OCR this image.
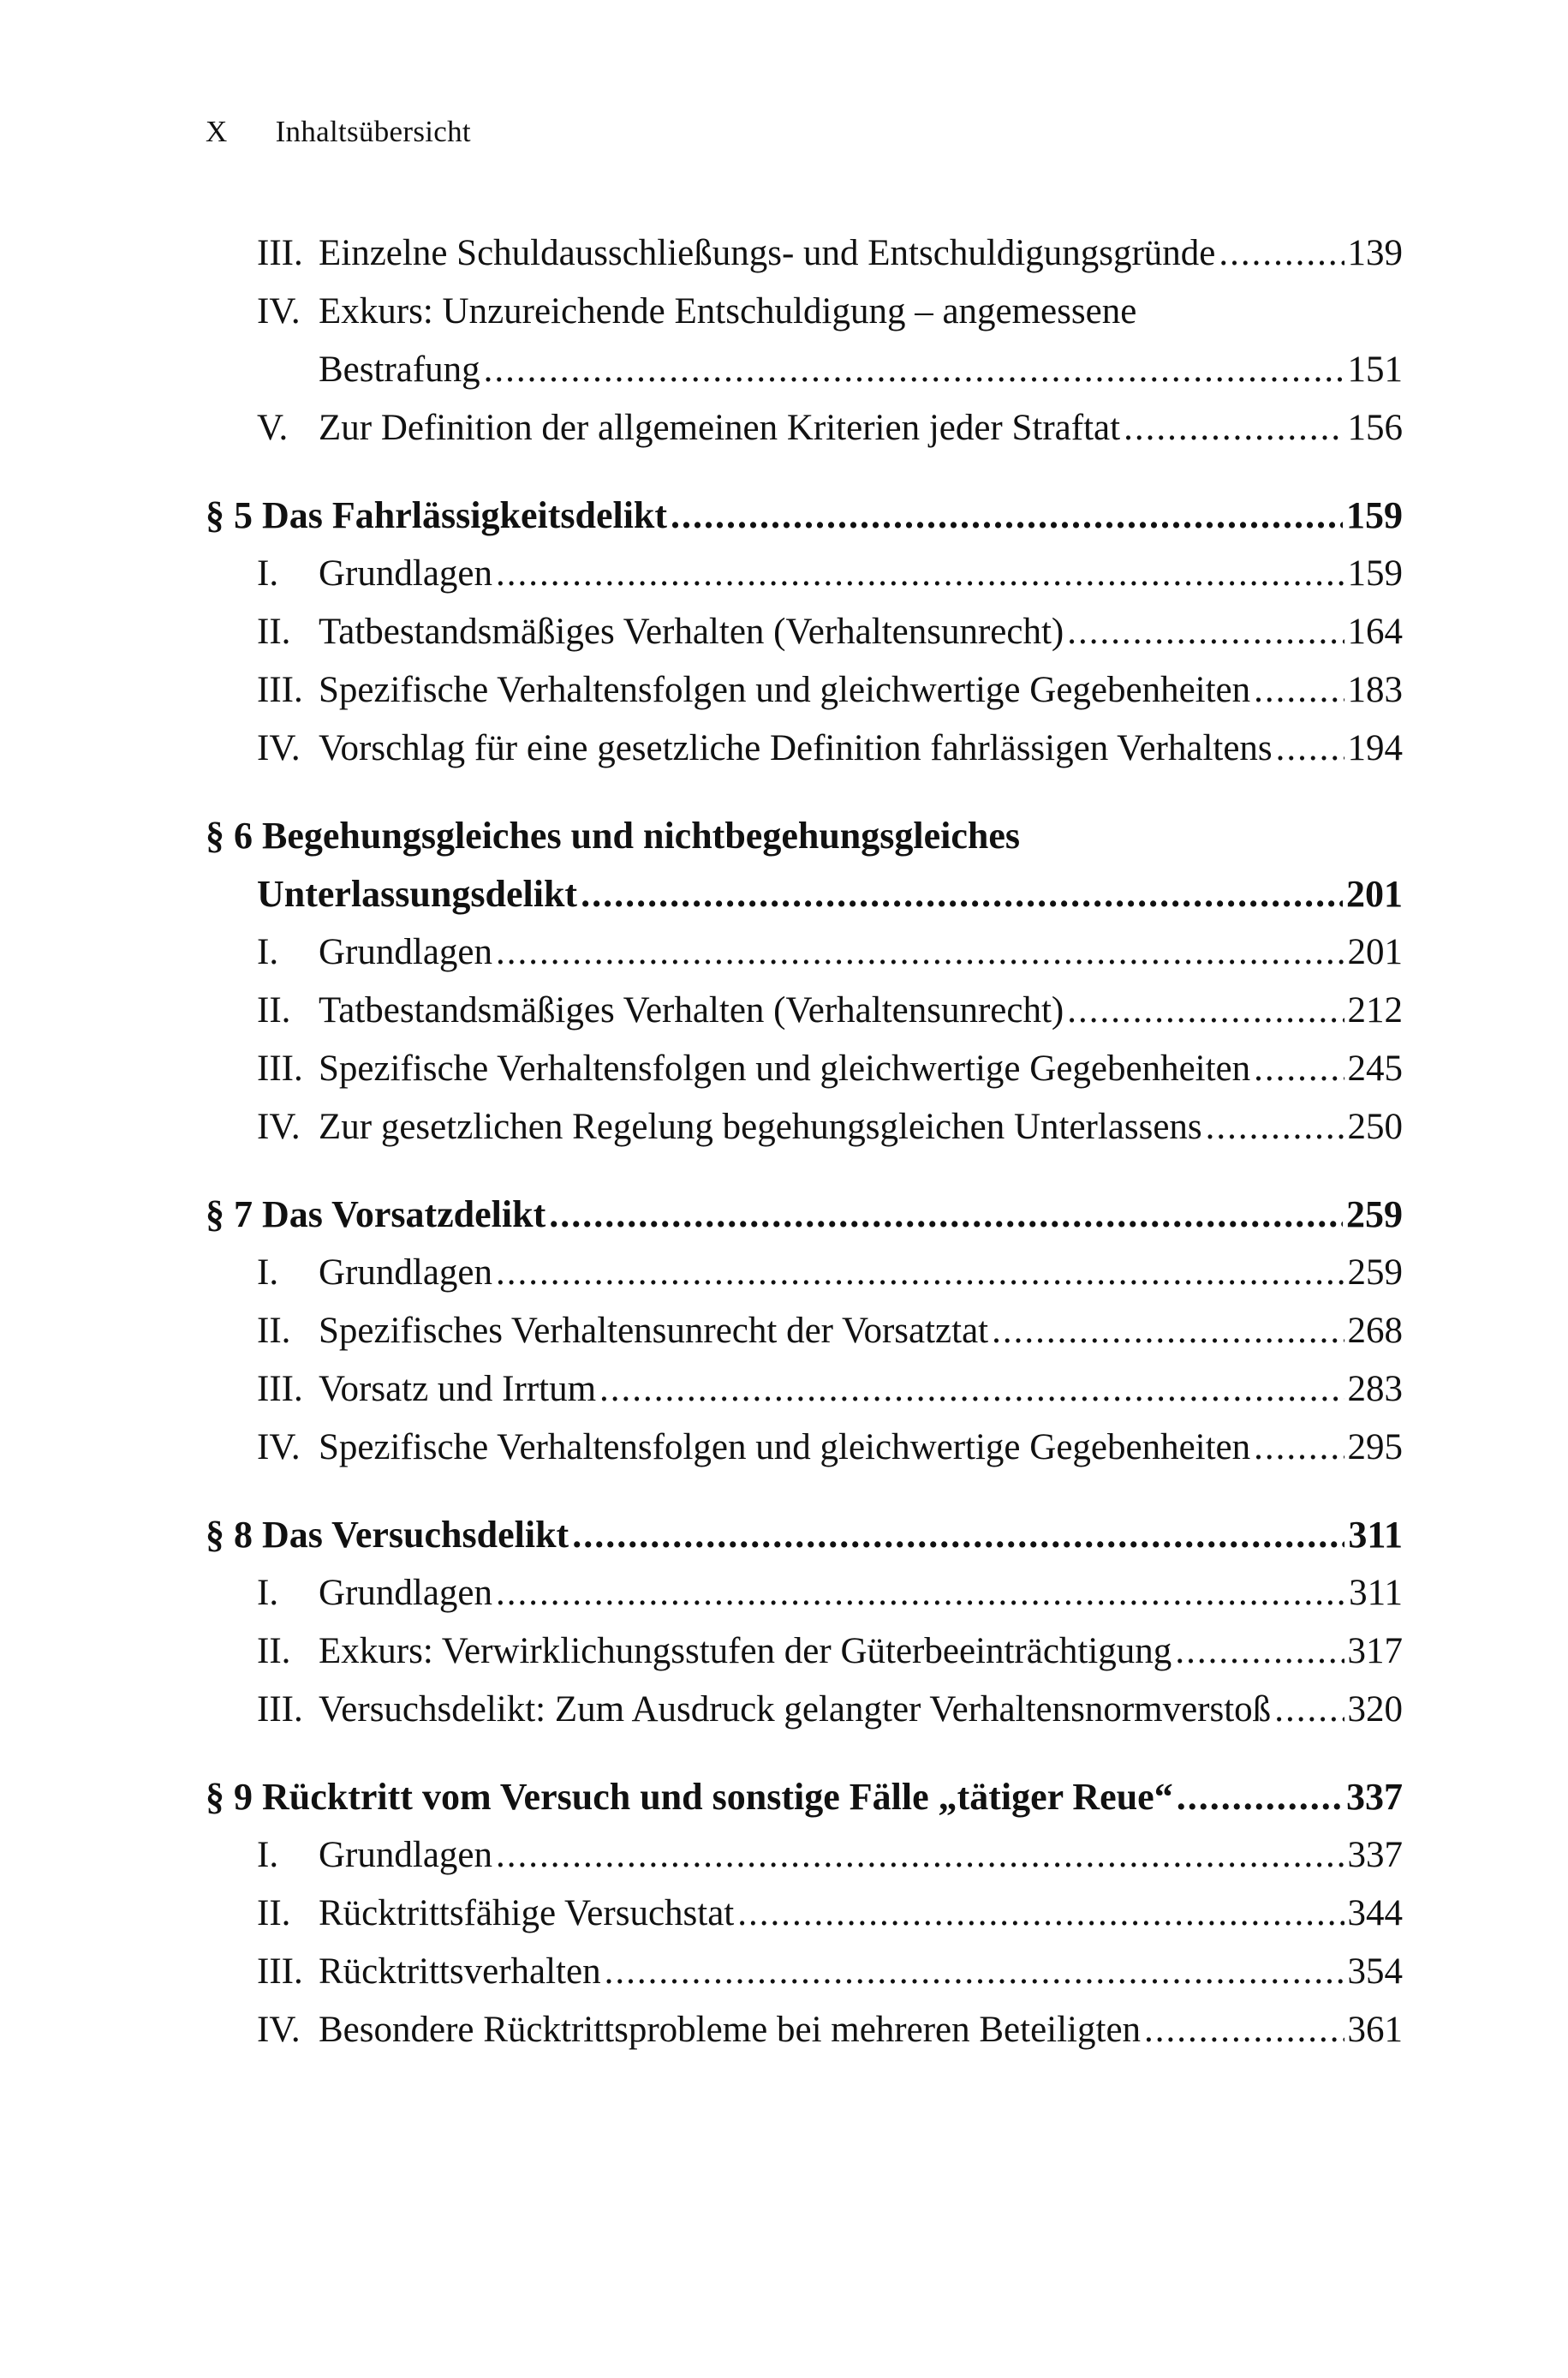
X Inhaltsübersicht
III. Einzelne Schuldausschließungs- und Entschuldigungsgründe .....	139
IV. Exkurs: Unzureichende Entschuldigung – angemessene
Bestrafung .....	151
V. Zur Definition der allgemeinen Kriterien jeder Straftat .....	156
§ 5 Das Fahrlässigkeitsdelikt .....	159
I.	Grundlagen .....	159
II. Tatbestandsmäßiges Verhalten (Verhaltensunrecht) .....	164
III. Spezifische Verhaltensfolgen und gleichwertige Gegebenheiten .....	183
IV. Vorschlag für eine gesetzliche Definition fahrlässigen Verhaltens ..... 194
§ 6 Begehungsgleiches und nichtbegehungsgleiches
Unterlassungsdelikt .....	201
I.	Grundlagen .....	201
II. Tatbestandsmäßiges Verhalten (Verhaltensunrecht) .....	212
III. Spezifische Verhaltensfolgen und gleichwertige Gegebenheiten .....	245
IV. Zur gesetzlichen Regelung begehungsgleichen Unterlassens .....	250
§ 7 Das Vorsatzdelikt .....	259
I.	Grundlagen .....	259
II. Spezifisches Verhaltensunrecht der Vorsatztat .....	268
III. Vorsatz und Irrtum .....	283
IV. Spezifische Verhaltensfolgen und gleichwertige Gegebenheiten .....	295
§ 8 Das Versuchsdelikt .....	311
I.	Grundlagen .....	311
II. Exkurs: Verwirklichungsstufen der Güterbeeinträchtigung .....	317
III. Versuchsdelikt: Zum Ausdruck gelangter Verhaltensnormverstoß ..... 320
§ 9 Rücktritt vom Versuch und sonstige Fälle „tätiger Reue“ .....	337
I.	Grundlagen .....	337
II. Rücktrittsfähige Versuchstat .....	344
III. Rücktrittsverhalten .....	354
IV. Besondere Rücktrittsprobleme bei mehreren Beteiligten .....	361
